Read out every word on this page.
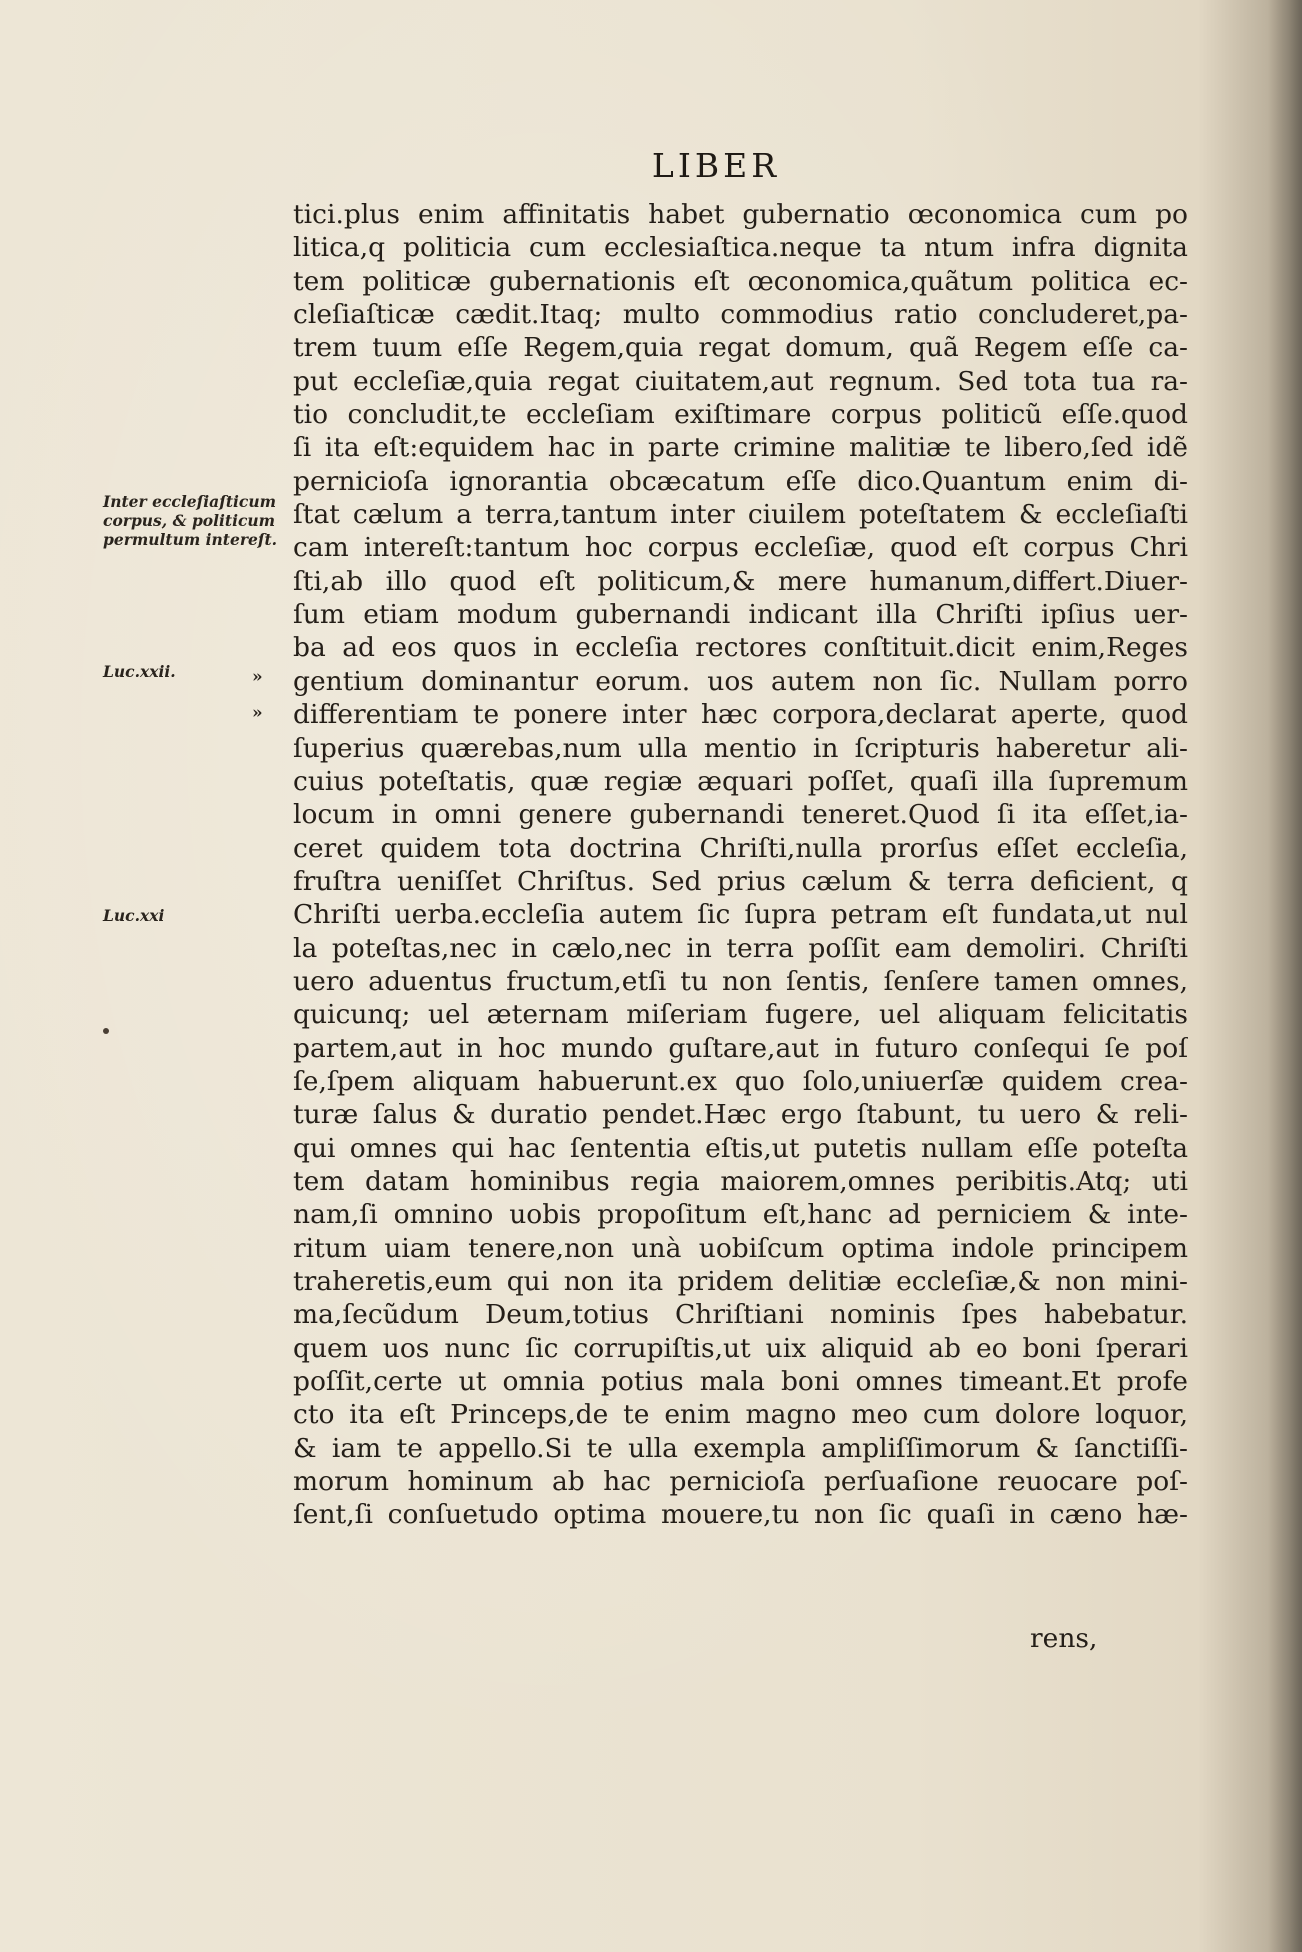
LIBER
Inter eccleſiaſticum
corpus, & politicum
permultum intereſt.
Luc.xxii.
Luc.xxi
»
»
tici.plus enim affinitatis habet gubernatio œconomica cum po
litica,q politicia cum ecclesiaſtica.neque ta ntum infra dignita
tem politicæ gubernationis eſt œconomica,quãtum politica ec-
cleſiaſticæ cædit.Itaq; multo commodius ratio concluderet,pa-
trem tuum eſſe Regem,quia regat domum, quã Regem eſſe ca-
put eccleſiæ,quia regat ciuitatem,aut regnum. Sed tota tua ra-
tio concludit,te eccleſiam exiſtimare corpus politicũ eſſe.quod
ſi ita eſt:equidem hac in parte crimine malitiæ te libero,ſed idẽ
pernicioſa ignorantia obcæcatum eſſe dico.Quantum enim di-
ſtat cælum a terra,tantum inter ciuilem poteſtatem & eccleſiaſti
cam intereſt:tantum hoc corpus eccleſiæ, quod eſt corpus Chri
ſti,ab illo quod eſt politicum,& mere humanum,differt.Diuer-
ſum etiam modum gubernandi indicant illa Chriſti ipſius uer-
ba ad eos quos in eccleſia rectores conſtituit.dicit enim,Reges
gentium dominantur eorum. uos autem non ſic. Nullam porro
differentiam te ponere inter hæc corpora,declarat aperte, quod
ſuperius quærebas,num ulla mentio in ſcripturis haberetur ali-
cuius poteſtatis, quæ regiæ æquari poſſet, quaſi illa ſupremum
locum in omni genere gubernandi teneret.Quod ſi ita eſſet,ia-
ceret quidem tota doctrina Chriſti,nulla prorſus eſſet eccleſia,
fruſtra ueniſſet Chriſtus. Sed prius cælum & terra deficient, q
Chriſti uerba.eccleſia autem ſic ſupra petram eſt fundata,ut nul
la poteſtas,nec in cælo,nec in terra poſſit eam demoliri. Chriſti
uero aduentus fructum,etſi tu non ſentis, ſenſere tamen omnes,
quicunq; uel æternam miſeriam fugere, uel aliquam felicitatis
partem,aut in hoc mundo guſtare,aut in futuro conſequi ſe poſ
ſe,ſpem aliquam habuerunt.ex quo ſolo,uniuerſæ quidem crea-
turæ ſalus & duratio pendet.Hæc ergo ſtabunt, tu uero & reli-
qui omnes qui hac ſententia eſtis,ut putetis nullam eſſe poteſta
tem datam hominibus regia maiorem,omnes peribitis.Atq; uti
nam,ſi omnino uobis propoſitum eſt,hanc ad perniciem & inte-
ritum uiam tenere,non unà uobiſcum optima indole principem
traheretis,eum qui non ita pridem delitiæ eccleſiæ,& non mini-
ma,ſecũdum Deum,totius Chriſtiani nominis ſpes habebatur.
quem uos nunc ſic corrupiſtis,ut uix aliquid ab eo boni ſperari
poſſit,certe ut omnia potius mala boni omnes timeant.Et profe
cto ita eſt Princeps,de te enim magno meo cum dolore loquor,
& iam te appello.Si te ulla exempla ampliſſimorum & ſanctiſſi-
morum hominum ab hac pernicioſa perſuaſione reuocare poſ-
ſent,ſi conſuetudo optima mouere,tu non ſic quaſi in cæno hæ-
rens,
